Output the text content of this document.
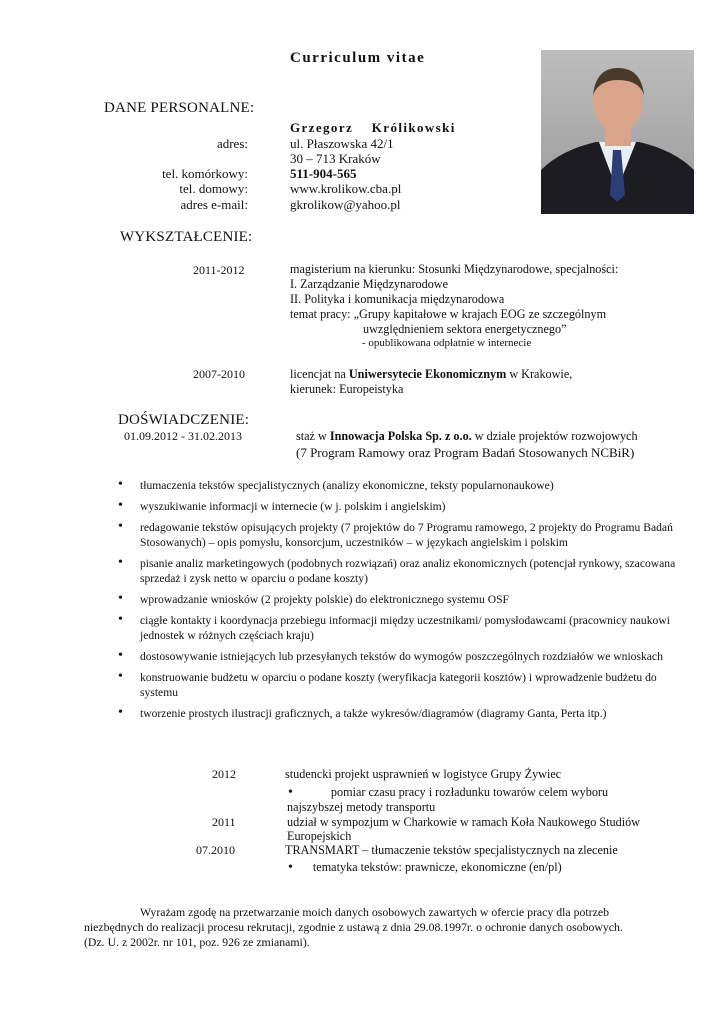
Curriculum vitae
DANE PERSONALNE:
Grzegorz    Królikowski
adres:	ul. Płaszowska 42/1
30 – 713 Kraków
tel. komórkowy:	511-904-565
tel. domowy:	www.krolikow.cba.pl
adres e-mail:	gkrolikow@yahoo.pl
WYKSZTAŁCENIE:
2011-2012	magisterium na kierunku: Stosunki Międzynarodowe, specjalności:
I. Zarządzanie Międzynarodowe
II. Polityka i komunikacja międzynarodowa
temat pracy: „Grupy kapitałowe w krajach EOG ze szczególnym
uwzględnieniem sektora energetycznego”
- opublikowana odpłatnie w internecie
2007-2010	licencjat na Uniwersytecie Ekonomicznym w Krakowie,
kierunek: Europeistyka
DOŚWIADCZENIE:
01.09.2012 - 31.02.2013	staż w Innowacja Polska Sp. z o.o. w dziale projektów rozwojowych
(7 Program Ramowy oraz Program Badań Stosowanych NCBiR)
• tłumaczenia tekstów specjalistycznych (analizy ekonomiczne, teksty popularnonaukowe)
• wyszukiwanie informacji w internecie (w j. polskim i angielskim)
• redagowanie tekstów opisujących projekty (7 projektów do 7 Programu ramowego, 2 projekty do Programu Badań Stosowanych) – opis pomysłu, konsorcjum, uczestników – w językach angielskim i polskim
• pisanie analiz marketingowych (podobnych rozwiązań) oraz analiz ekonomicznych (potencjał rynkowy, szacowana sprzedaż i zysk netto w oparciu o podane koszty)
• wprowadzanie wniosków (2 projekty polskie) do elektronicznego systemu OSF
• ciągłe kontakty i koordynacja przebiegu informacji między uczestnikami/ pomysłodawcami (pracownicy naukowi jednostek w różnych częściach kraju)
• dostosowywanie istniejących lub przesyłanych tekstów do wymogów poszczególnych rozdziałów we wnioskach
• konstruowanie budżetu w oparciu o podane koszty (weryfikacja kategorii kosztów) i wprowadzenie budżetu do systemu
• tworzenie prostych ilustracji graficznych, a także wykresów/diagramów (diagramy Ganta, Perta itp.)
2012	studencki projekt usprawnień w logistyce Grupy Żywiec
•	pomiar czasu pracy i rozładunku towarów celem wyboru
najszybszej metody transportu
2011	udział w sympozjum w Charkowie w ramach Koła Naukowego Studiów
Europejskich
07.2010	TRANSMART – tłumaczenie tekstów specjalistycznych na zlecenie
• tematyka tekstów: prawnicze, ekonomiczne (en/pl)
Wyrażam zgodę na przetwarzanie moich danych osobowych zawartych w ofercie pracy dla potrzeb
niezbędnych do realizacji procesu rekrutacji, zgodnie z ustawą z dnia 29.08.1997r. o ochronie danych osobowych.
(Dz. U. z 2002r. nr 101, poz. 926 ze zmianami).
